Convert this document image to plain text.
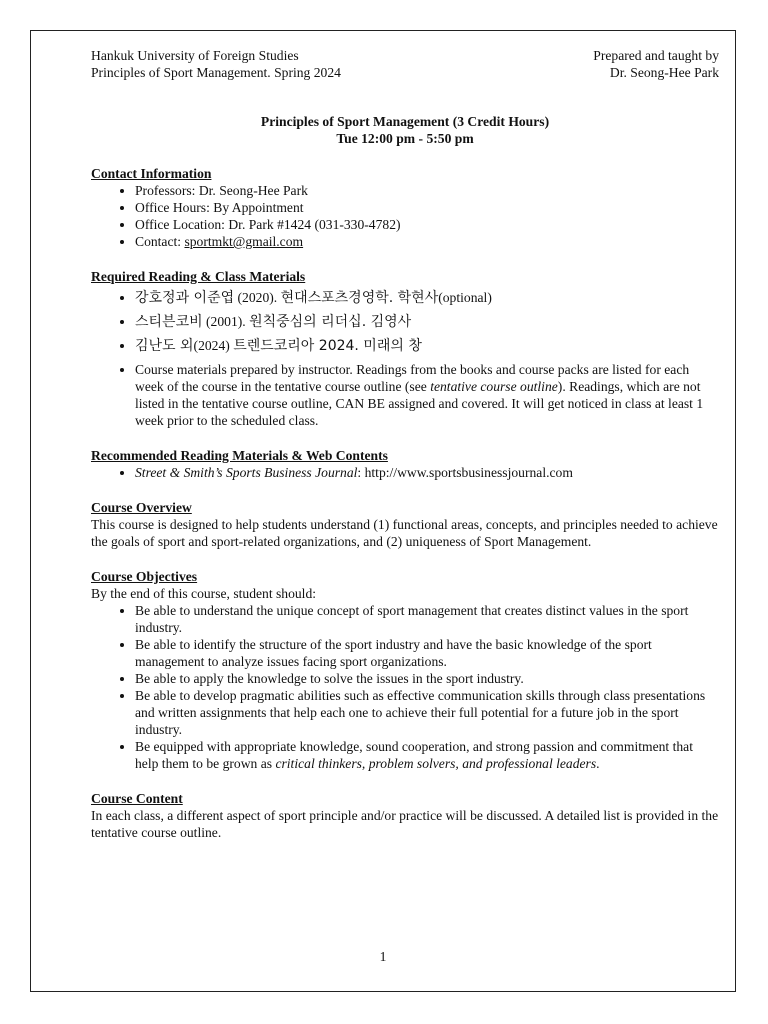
Hankuk University of Foreign Studies
Principles of Sport Management. Spring 2024
Prepared and taught by
Dr. Seong-Hee Park
Principles of Sport Management (3 Credit Hours)
Tue 12:00 pm - 5:50 pm
Contact Information
• Professors: Dr. Seong-Hee Park
• Office Hours: By Appointment
• Office Location: Dr. Park #1424 (031-330-4782)
• Contact: sportmkt@gmail.com
Required Reading & Class Materials
• 강호정과 이준엽 (2020). 현대스포츠경영학. 학현사(optional)
• 스티븐코비 (2001). 원칙중심의 리더십. 김영사
• 김난도 외(2024) 트렌드코리아 2024. 미래의 창
• Course materials prepared by instructor. Readings from the books and course packs are listed for each week of the course in the tentative course outline (see tentative course outline). Readings, which are not listed in the tentative course outline, CAN BE assigned and covered. It will get noticed in class at least 1 week prior to the scheduled class.
Recommended Reading Materials & Web Contents
• Street & Smith’s Sports Business Journal: http://www.sportsbusinessjournal.com
Course Overview

This course is designed to help students understand (1) functional areas, concepts, and principles needed to achieve the goals of sport and sport-related organizations, and (2) uniqueness of Sport Management.

Course Objectives

By the end of this course, student should:

• Be able to understand the unique concept of sport management that creates distinct values in the sport industry.
• Be able to identify the structure of the sport industry and have the basic knowledge of the sport management to analyze issues facing sport organizations.
• Be able to apply the knowledge to solve the issues in the sport industry.
• Be able to develop pragmatic abilities such as effective communication skills through class presentations and written assignments that help each one to achieve their full potential for a future job in the sport industry.
• Be equipped with appropriate knowledge, sound cooperation, and strong passion and commitment that help them to be grown as critical thinkers, problem solvers, and professional leaders.
Course Content

In each class, a different aspect of sport principle and/or practice will be discussed. A detailed list is provided in the tentative course outline.

1
